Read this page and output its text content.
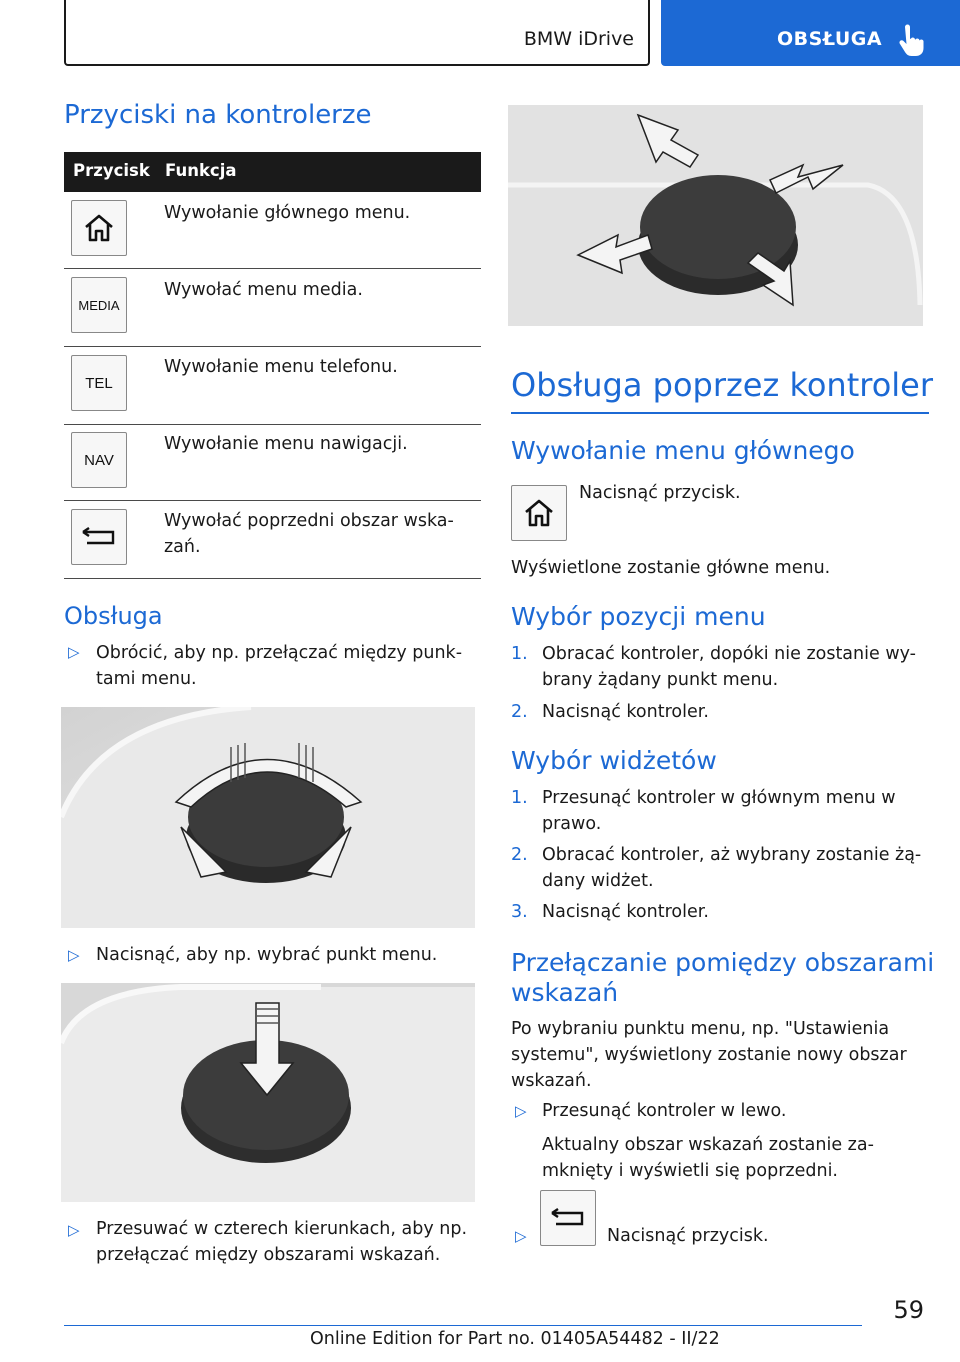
BMW iDrive	OBSŁUGA
Przyciski na kontrolerze
Przycisk Funkcja
Wywołanie głównego menu.
MEDIA
Wywołać menu media.
TEL
Wywołanie menu telefonu.
NAV
Wywołanie menu nawigacji.
Wywołać poprzedni obszar wska-
zań.
Obsługa
▷ Obrócić, aby np. przełączać między punk-
tami menu.
▷ Nacisnąć, aby np. wybrać punkt menu.
▷ Przesuwać w czterech kierunkach, aby np.
przełączać między obszarami wskazań.
Obsługa poprzez kontroler
Wywołanie menu głównego
Nacisnąć przycisk.
Wyświetlone zostanie główne menu.
Wybór pozycji menu
1. Obracać kontroler, dopóki nie zostanie wy-
brany żądany punkt menu.
2. Nacisnąć kontroler.
Wybór widżetów
1. Przesunąć kontroler w głównym menu w
prawo.
2. Obracać kontroler, aż wybrany zostanie żą-
dany widżet.
3. Nacisnąć kontroler.
Przełączanie pomiędzy obszarami
wskazań
Po wybraniu punktu menu, np. "Ustawienia
systemu", wyświetlony zostanie nowy obszar
wskazań.
▷ Przesunąć kontroler w lewo.
Aktualny obszar wskazań zostanie za-
mknięty i wyświetli się poprzedni.
▷	Nacisnąć przycisk.
59
Online Edition for Part no. 01405A54482 - II/22
